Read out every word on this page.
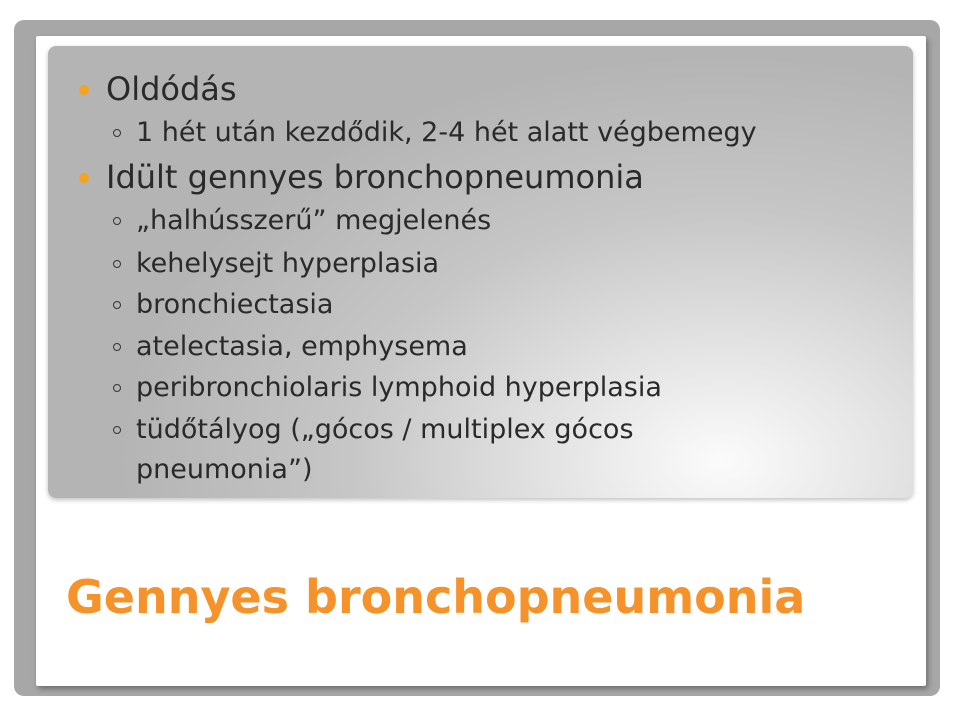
Oldódás
1 hét után kezdődik, 2-4 hét alatt végbemegy
Idült gennyes bronchopneumonia
„halhússzerű” megjelenés
kehelysejt hyperplasia
bronchiectasia
atelectasia, emphysema
peribronchiolaris lymphoid hyperplasia
tüdőtályog („gócos / multiplex gócos
pneumonia”)
Gennyes bronchopneumonia
